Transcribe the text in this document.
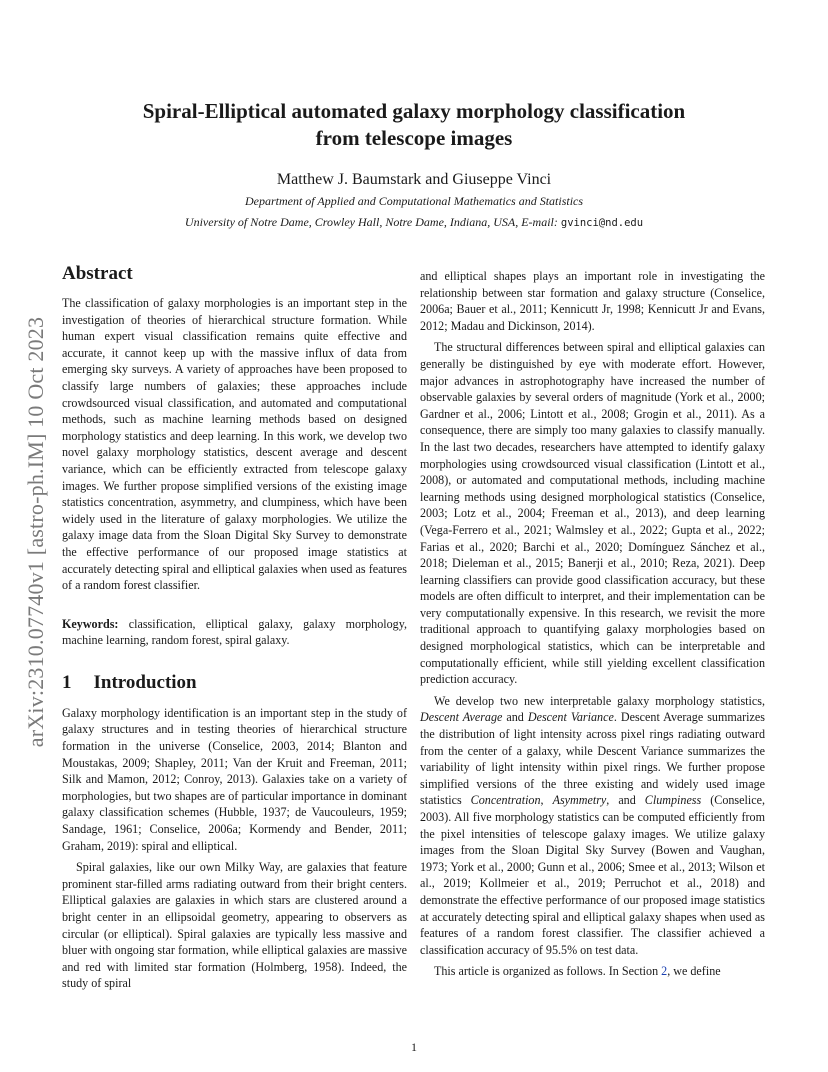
arXiv:2310.07740v1 [astro-ph.IM] 10 Oct 2023
Spiral-Elliptical automated galaxy morphology classification
from telescope images
Matthew J. Baumstark and Giuseppe Vinci
Department of Applied and Computational Mathematics and Statistics
University of Notre Dame, Crowley Hall, Notre Dame, Indiana, USA, E-mail: gvinci@nd.edu
Abstract

The classification of galaxy morphologies is an important step in the investigation of theories of hierarchical structure formation. While human expert visual classification remains quite effective and accurate, it cannot keep up with the massive influx of data from emerging sky surveys. A variety of approaches have been proposed to classify large numbers of galaxies; these approaches include crowdsourced visual classification, and automated and computational methods, such as machine learning methods based on designed morphology statistics and deep learning. In this work, we develop two novel galaxy morphology statistics, descent average and descent variance, which can be efficiently extracted from telescope galaxy images. We further propose simplified versions of the existing image statistics concentration, asymmetry, and clumpiness, which have been widely used in the literature of galaxy morphologies. We utilize the galaxy image data from the Sloan Digital Sky Survey to demonstrate the effective performance of our proposed image statistics at accurately detecting spiral and elliptical galaxies when used as features of a random forest classifier.

Keywords: classification, elliptical galaxy, galaxy morphology, machine learning, random forest, spiral galaxy.

1 Introduction

Galaxy morphology identification is an important step in the study of galaxy structures and in testing theories of hierarchical structure formation in the universe (Conselice, 2003, 2014; Blanton and Moustakas, 2009; Shapley, 2011; Van der Kruit and Freeman, 2011; Silk and Mamon, 2012; Conroy, 2013). Galaxies take on a variety of morphologies, but two shapes are of particular importance in dominant galaxy classification schemes (Hubble, 1937; de Vaucouleurs, 1959; Sandage, 1961; Conselice, 2006a; Kormendy and Bender, 2011; Graham, 2019): spiral and elliptical.

Spiral galaxies, like our own Milky Way, are galaxies that feature prominent star-filled arms radiating outward from their bright centers. Elliptical galaxies are galaxies in which stars are clustered around a bright center in an ellipsoidal geometry, appearing to observers as circular (or elliptical). Spiral galaxies are typically less massive and bluer with ongoing star formation, while elliptical galaxies are massive and red with limited star formation (Holmberg, 1958). Indeed, the study of spiral

and elliptical shapes plays an important role in investigating the relationship between star formation and galaxy structure (Conselice, 2006a; Bauer et al., 2011; Kennicutt Jr, 1998; Kennicutt Jr and Evans, 2012; Madau and Dickinson, 2014).

The structural differences between spiral and elliptical galaxies can generally be distinguished by eye with moderate effort. However, major advances in astrophotography have increased the number of observable galaxies by several orders of magnitude (York et al., 2000; Gardner et al., 2006; Lintott et al., 2008; Grogin et al., 2011). As a consequence, there are simply too many galaxies to classify manually. In the last two decades, researchers have attempted to identify galaxy morphologies using crowdsourced visual classification (Lintott et al., 2008), or automated and computational methods, including machine learning methods using designed morphological statistics (Conselice, 2003; Lotz et al., 2004; Freeman et al., 2013), and deep learning (Vega-Ferrero et al., 2021; Walmsley et al., 2022; Gupta et al., 2022; Farias et al., 2020; Barchi et al., 2020; Domínguez Sánchez et al., 2018; Dieleman et al., 2015; Banerji et al., 2010; Reza, 2021). Deep learning classifiers can provide good classification accuracy, but these models are often difficult to interpret, and their implementation can be very computationally expensive. In this research, we revisit the more traditional approach to quantifying galaxy morphologies based on designed morphological statistics, which can be interpretable and computationally efficient, while still yielding excellent classification prediction accuracy.

We develop two new interpretable galaxy morphology statistics, Descent Average and Descent Variance. Descent Average summarizes the distribution of light intensity across pixel rings radiating outward from the center of a galaxy, while Descent Variance summarizes the variability of light intensity within pixel rings. We further propose simplified versions of the three existing and widely used image statistics Concentration, Asymmetry, and Clumpiness (Conselice, 2003). All five morphology statistics can be computed efficiently from the pixel intensities of telescope galaxy images. We utilize galaxy images from the Sloan Digital Sky Survey (Bowen and Vaughan, 1973; York et al., 2000; Gunn et al., 2006; Smee et al., 2013; Wilson et al., 2019; Kollmeier et al., 2019; Perruchot et al., 2018) and demonstrate the effective performance of our proposed image statistics at accurately detecting spiral and elliptical galaxy shapes when used as features of a random forest classifier. The classifier achieved a classification accuracy of 95.5% on test data.

This article is organized as follows. In Section 2, we define

1
